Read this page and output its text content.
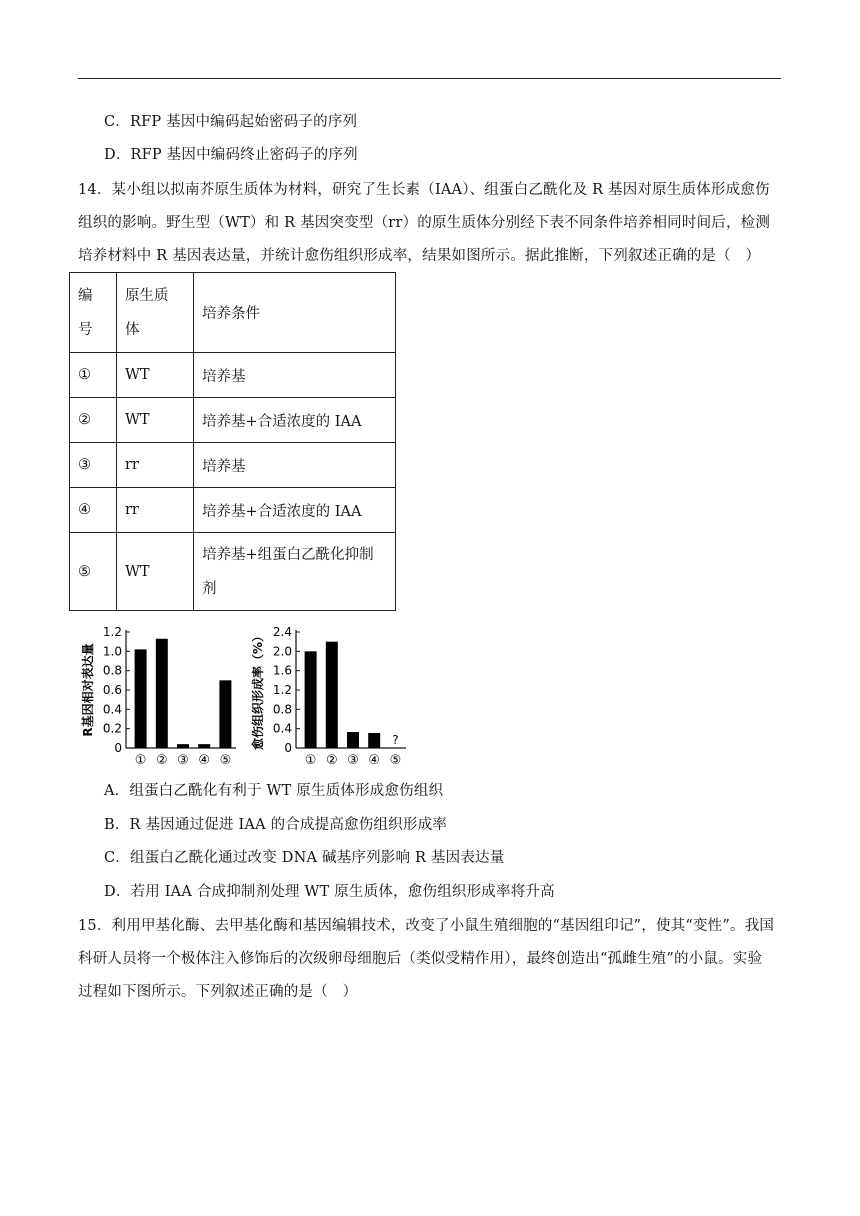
C．RFP 基因中编码起始密码子的序列
D．RFP 基因中编码终止密码子的序列
14．某小组以拟南芥原生质体为材料，研究了生长素（IAA）、组蛋白乙酰化及 R 基因对原生质体形成愈伤
组织的影响。野生型（WT）和 R 基因突变型（rr）的原生质体分别经下表不同条件培养相同时间后，检测
培养材料中 R 基因表达量，并统计愈伤组织形成率，结果如图所示。据此推断，下列叙述正确的是（　）
编号	原生质体	培养条件
①	WT	培养基
②	WT	培养基+合适浓度的 IAA
③	rr	培养基
④	rr	培养基+合适浓度的 IAA
⑤	WT	培养基+组蛋白乙酰化抑制剂
R基因相对表达量
0
0.2
0.4
0.6
0.8
1.0
1.2
① ② ③ ④ ⑤
愈伤组织形成率（%） 0
0.4
0.8
1.2
1.6
2.0
2.4
① ② ③ ④
?
⑤
A．组蛋白乙酰化有利于 WT 原生质体形成愈伤组织
B．R 基因通过促进 IAA 的合成提高愈伤组织形成率
C．组蛋白乙酰化通过改变 DNA 碱基序列影响 R 基因表达量
D．若用 IAA 合成抑制剂处理 WT 原生质体，愈伤组织形成率将升高
15．利用甲基化酶、去甲基化酶和基因编辑技术，改变了小鼠生殖细胞的“基因组印记”，使其“变性”。我国
科研人员将一个极体注入修饰后的次级卵母细胞后（类似受精作用），最终创造出“孤雌生殖”的小鼠。实验
过程如下图所示。下列叙述正确的是（　）
